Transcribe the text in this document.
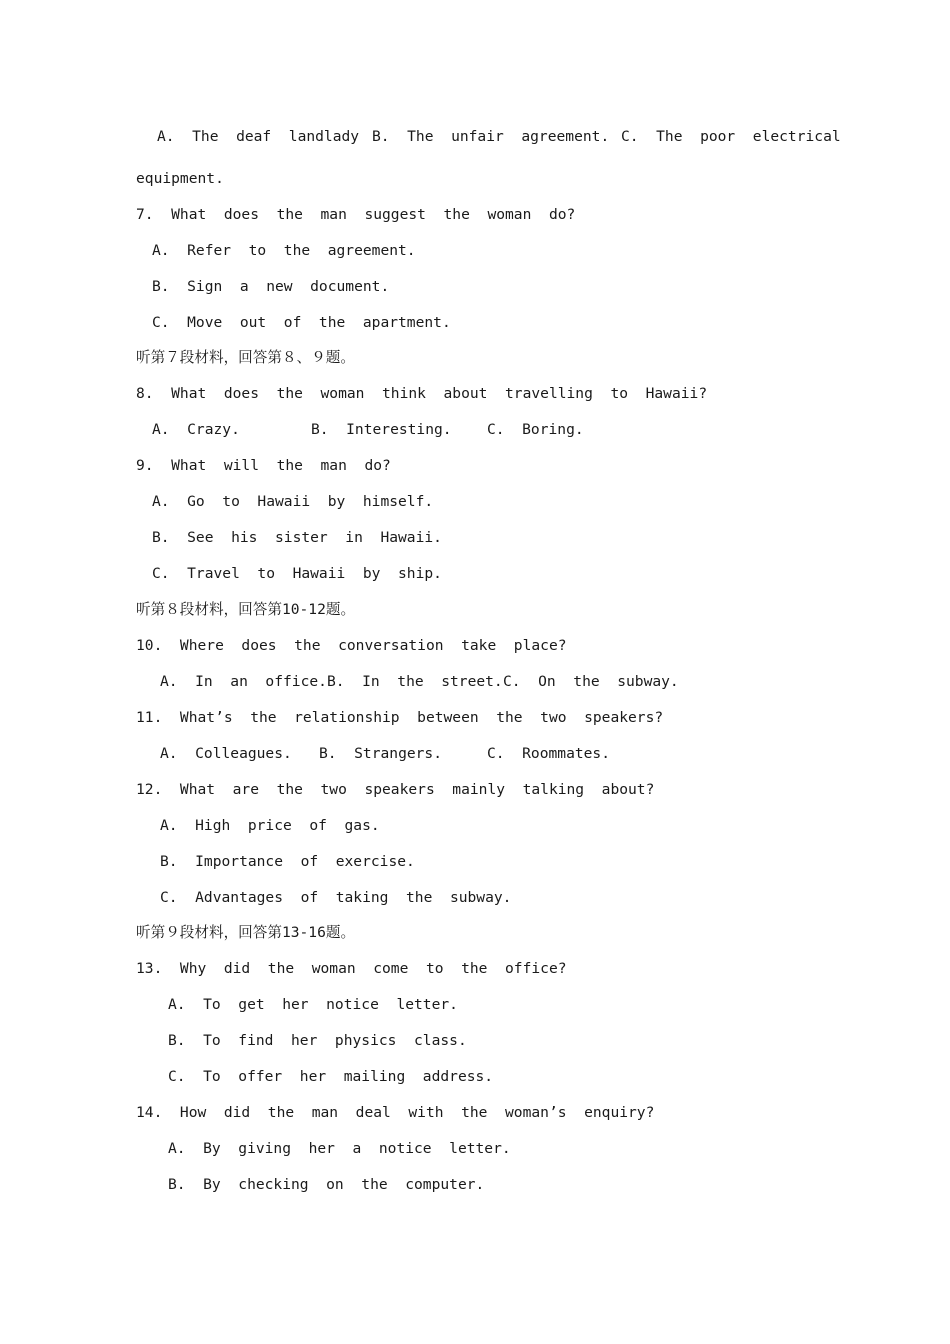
A.  The  deaf  landlady B.  The  unfair  agreement. C.  The  poor  electrical
equipment.
7.  What  does  the  man  suggest  the  woman  do?
A.  Refer  to  the  agreement.
B.  Sign  a  new  document.
C.  Move  out  of  the  apartment.
听第７段材料，回答第８、９题。
8.  What  does  the  woman  think  about  travelling  to  Hawaii?
A.  Crazy.	B.  Interesting. C.  Boring.
9.  What  will  the  man  do?
A.  Go  to  Hawaii  by  himself.
B.  See  his  sister  in  Hawaii.
C.  Travel  to  Hawaii  by  ship.
听第８段材料，回答第10-12题。
10.  Where  does  the  conversation  take  place?
A.  In  an  office. B.  In  the  street. C.  On  the  subway.
11.  What’s  the  relationship  between  the  two  speakers?
A.  Colleagues. B.  Strangers.	C.  Roommates.
12.  What  are  the  two  speakers  mainly  talking  about?
A.  High  price  of  gas.
B.  Importance  of  exercise.
C.  Advantages  of  taking  the  subway.
听第９段材料，回答第13-16题。
13.  Why  did  the  woman  come  to  the  office?
A.  To  get  her  notice  letter.
B.  To  find  her  physics  class.
C.  To  offer  her  mailing  address.
14.  How  did  the  man  deal  with  the  woman’s  enquiry?
A.  By  giving  her  a  notice  letter.
B.  By  checking  on  the  computer.
